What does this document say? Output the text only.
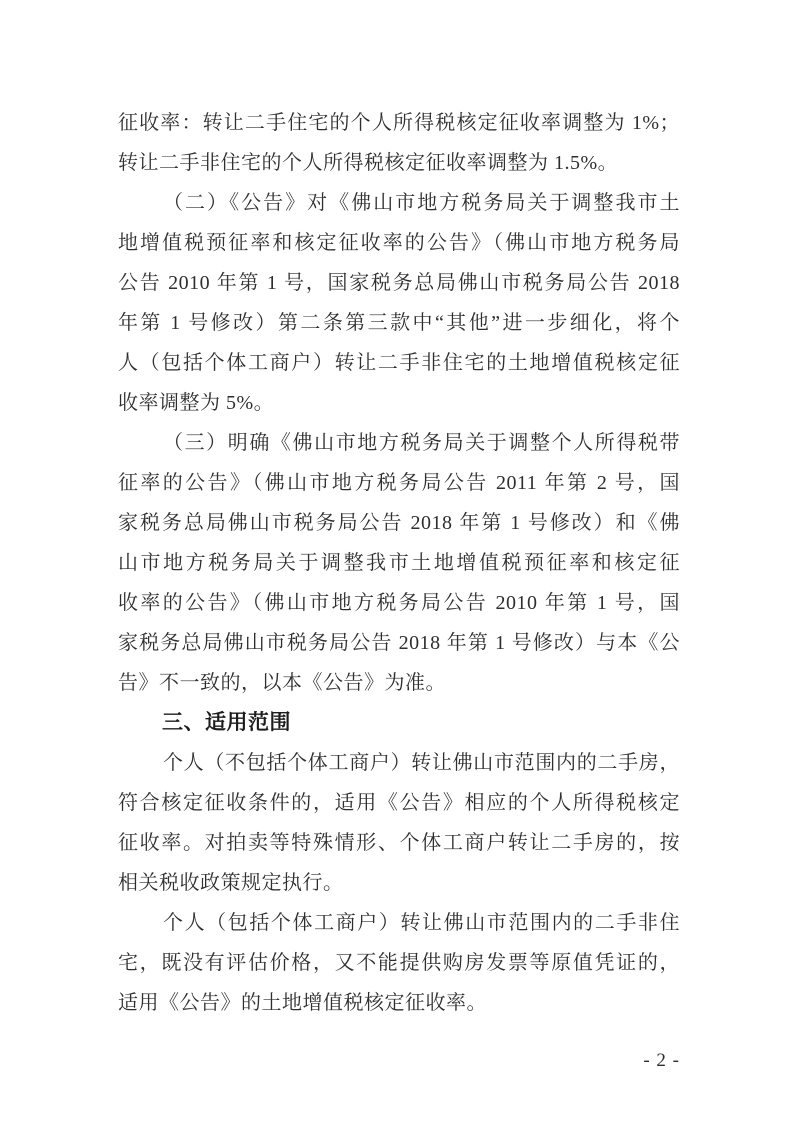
征收率：转让二手住宅的个人所得税核定征收率调整为 1%；
转让二手非住宅的个人所得税核定征收率调整为 1.5%。
（二）《公告》对《佛山市地方税务局关于调整我市土
地增值税预征率和核定征收率的公告》（佛山市地方税务局
公告 2010 年第 1 号，国家税务总局佛山市税务局公告 2018
年第 1 号修改）第二条第三款中“其他”进一步细化，将个
人（包括个体工商户）转让二手非住宅的土地增值税核定征
收率调整为 5%。
（三）明确《佛山市地方税务局关于调整个人所得税带
征率的公告》（佛山市地方税务局公告 2011 年第 2 号，国
家税务总局佛山市税务局公告 2018 年第 1 号修改）和《佛
山市地方税务局关于调整我市土地增值税预征率和核定征
收率的公告》（佛山市地方税务局公告 2010 年第 1 号，国
家税务总局佛山市税务局公告 2018 年第 1 号修改）与本《公
告》不一致的，以本《公告》为准。
三、适用范围
个人（不包括个体工商户）转让佛山市范围内的二手房，
符合核定征收条件的，适用《公告》相应的个人所得税核定
征收率。对拍卖等特殊情形、个体工商户转让二手房的，按
相关税收政策规定执行。
个人（包括个体工商户）转让佛山市范围内的二手非住
宅，既没有评估价格，又不能提供购房发票等原值凭证的，
适用《公告》的土地增值税核定征收率。
- 2 -
